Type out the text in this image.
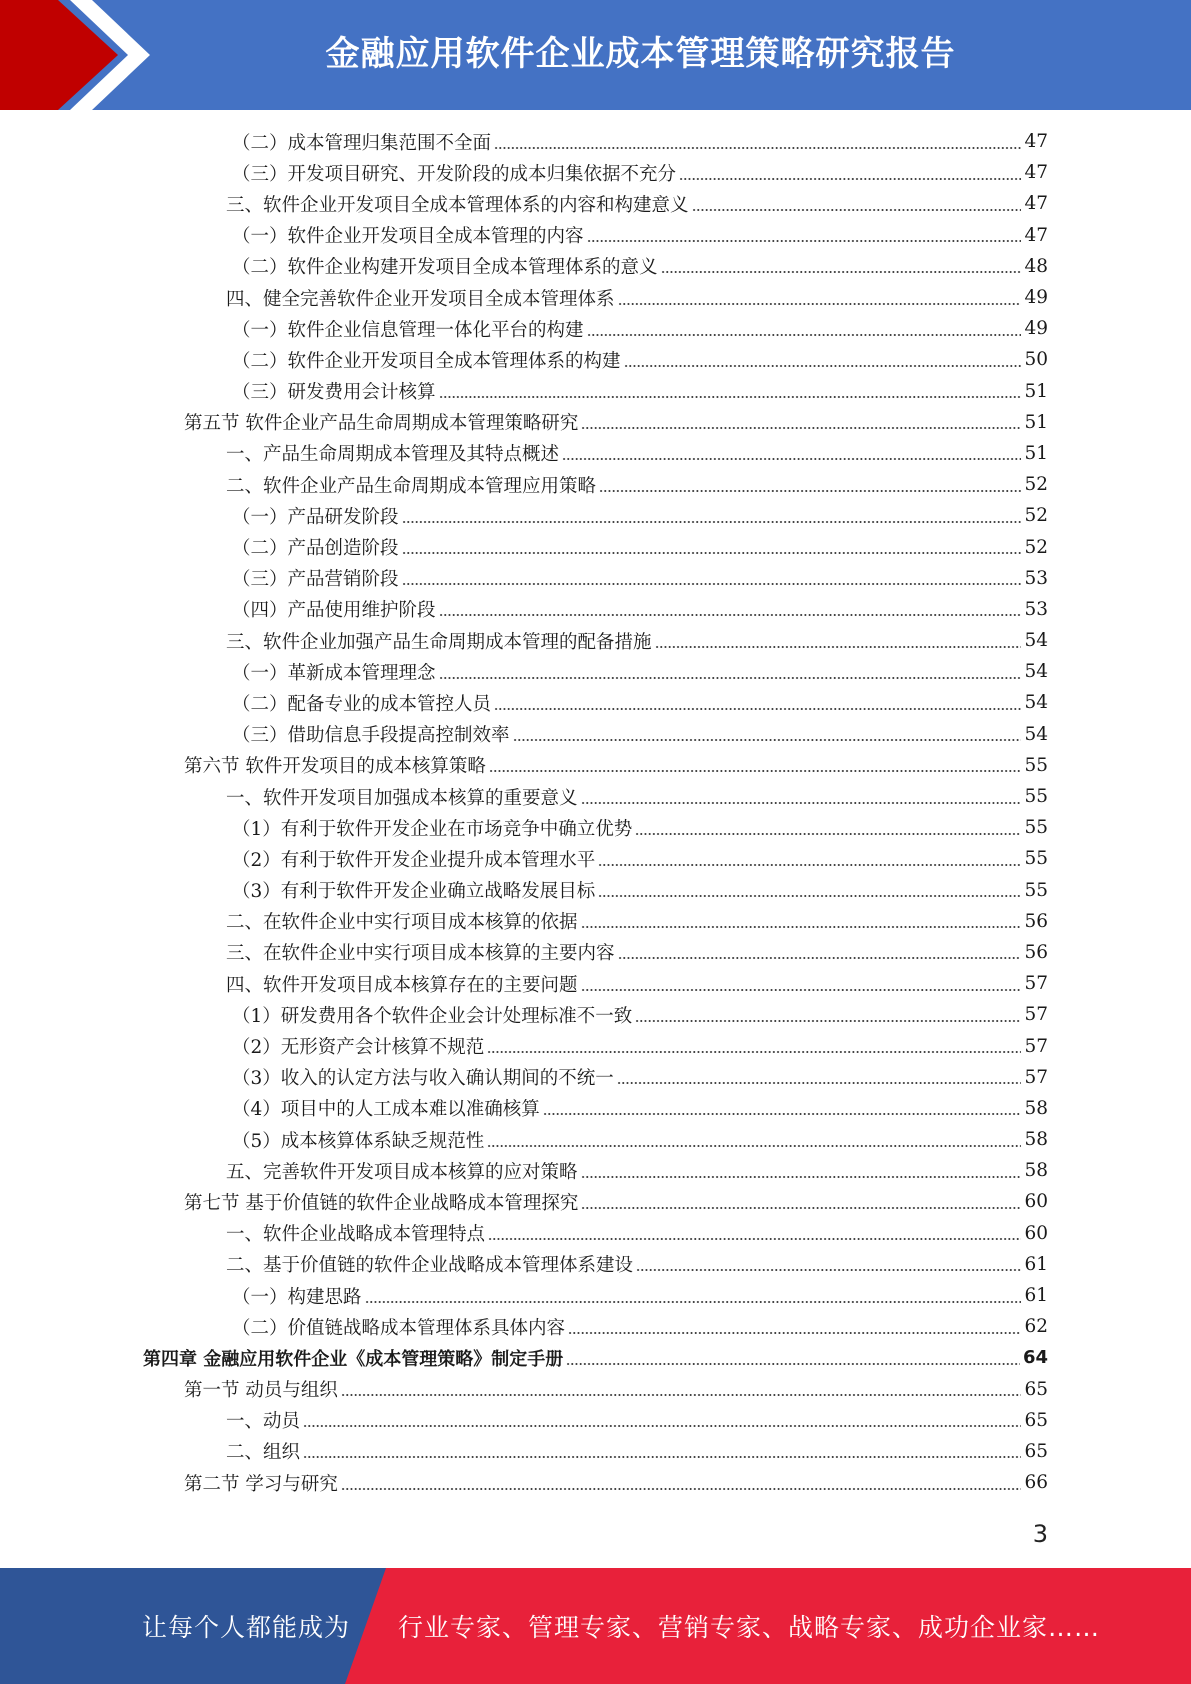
金融应用软件企业成本管理策略研究报告
（二）成本管理归集范围不全面	47
（三）开发项目研究、开发阶段的成本归集依据不充分	47
三、软件企业开发项目全成本管理体系的内容和构建意义	47
（一）软件企业开发项目全成本管理的内容	47
（二）软件企业构建开发项目全成本管理体系的意义	48
四、健全完善软件企业开发项目全成本管理体系	49
（一）软件企业信息管理一体化平台的构建	49
（二）软件企业开发项目全成本管理体系的构建	50
（三）研发费用会计核算	51
第五节 软件企业产品生命周期成本管理策略研究	51
一、产品生命周期成本管理及其特点概述	51
二、软件企业产品生命周期成本管理应用策略	52
（一）产品研发阶段	52
（二）产品创造阶段	52
（三）产品营销阶段	53
（四）产品使用维护阶段	53
三、软件企业加强产品生命周期成本管理的配备措施	54
（一）革新成本管理理念	54
（二）配备专业的成本管控人员	54
（三）借助信息手段提高控制效率	54
第六节 软件开发项目的成本核算策略	55
一、软件开发项目加强成本核算的重要意义	55
（1）有利于软件开发企业在市场竞争中确立优势	55
（2）有利于软件开发企业提升成本管理水平	55
（3）有利于软件开发企业确立战略发展目标	55
二、在软件企业中实行项目成本核算的依据	56
三、在软件企业中实行项目成本核算的主要内容	56
四、软件开发项目成本核算存在的主要问题	57
（1）研发费用各个软件企业会计处理标准不一致	57
（2）无形资产会计核算不规范	57
（3）收入的认定方法与收入确认期间的不统一	57
（4）项目中的人工成本难以准确核算	58
（5）成本核算体系缺乏规范性	58
五、完善软件开发项目成本核算的应对策略	58
第七节 基于价值链的软件企业战略成本管理探究	60
一、软件企业战略成本管理特点	60
二、基于价值链的软件企业战略成本管理体系建设	61
（一）构建思路	61
（二）价值链战略成本管理体系具体内容	62
第四章 金融应用软件企业《成本管理策略》制定手册	64
第一节 动员与组织	65
一、动员	65
二、组织	65
第二节 学习与研究	66
3
让每个人都能成为 行业专家、管理专家、营销专家、战略专家、成功企业家……
